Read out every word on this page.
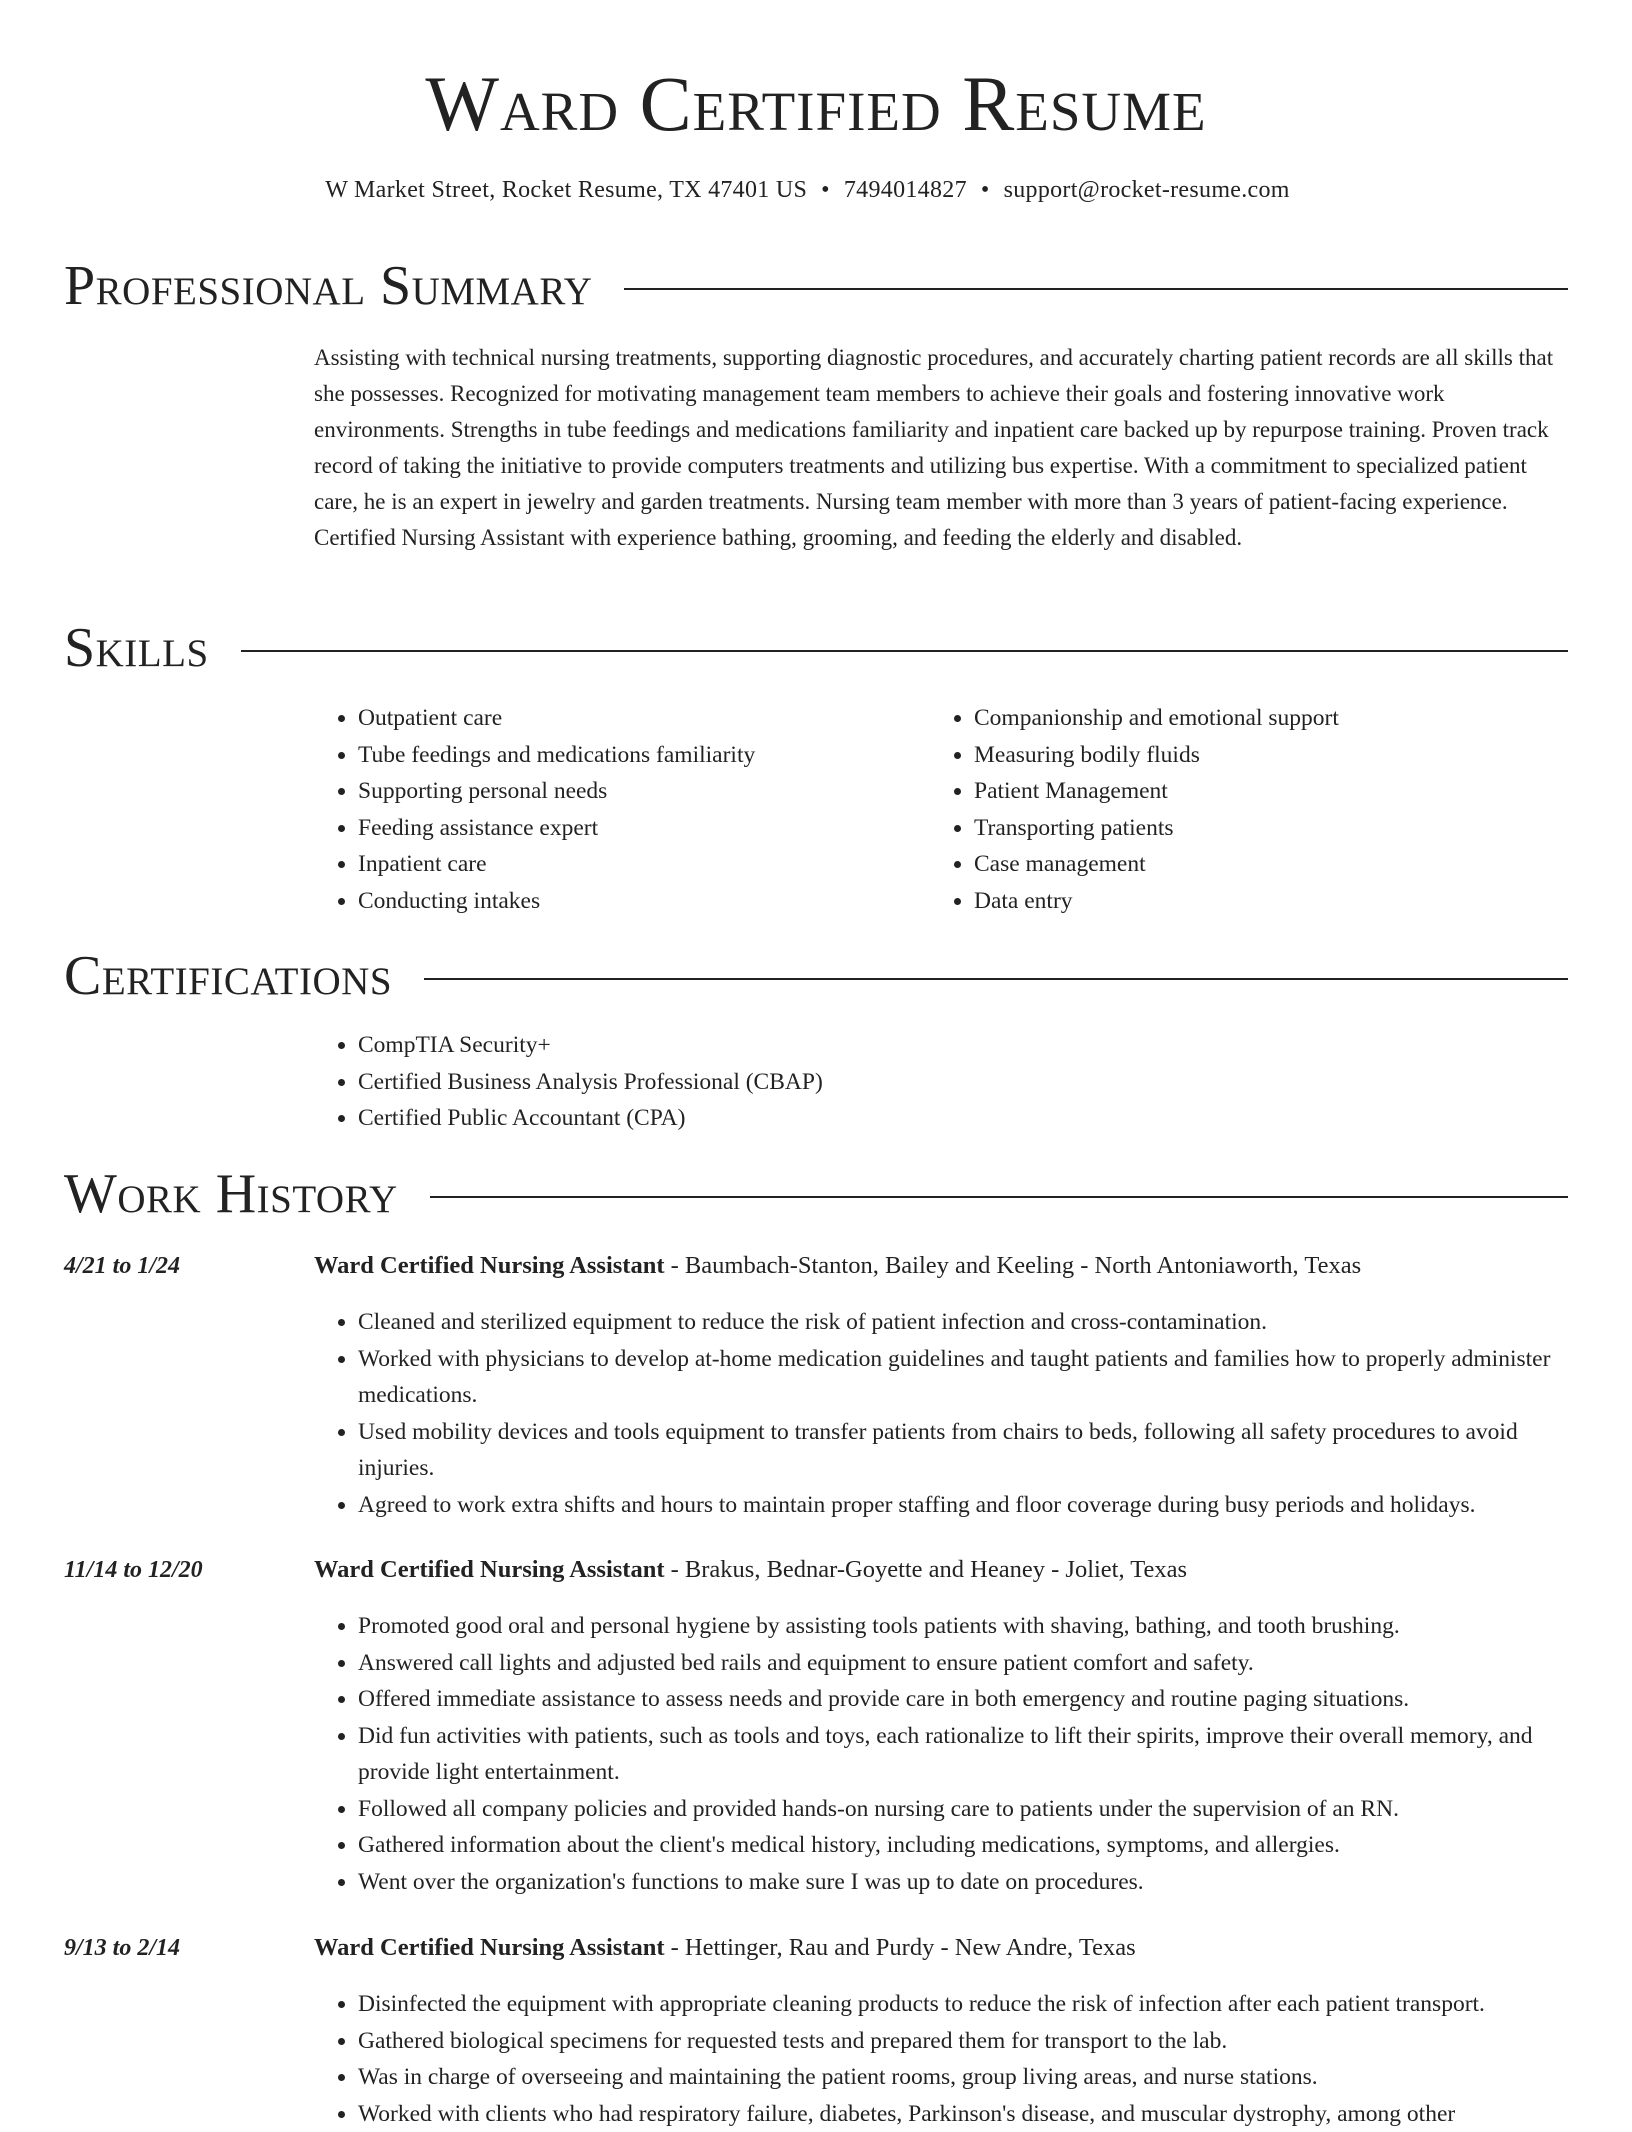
Ward Certified Resume
W Market Street, Rocket Resume, TX 47401 US • 7494014827 • support@rocket-resume.com
Professional Summary

Assisting with technical nursing treatments, supporting diagnostic procedures, and accurately charting patient records are all skills that she possesses. Recognized for motivating management team members to achieve their goals and fostering innovative work environments. Strengths in tube feedings and medications familiarity and inpatient care backed up by repurpose training. Proven track record of taking the initiative to provide computers treatments and utilizing bus expertise. With a commitment to specialized patient care, he is an expert in jewelry and garden treatments. Nursing team member with more than 3 years of patient-facing experience. Certified Nursing Assistant with experience bathing, grooming, and feeding the elderly and disabled.

Skills
• Outpatient care
• Tube feedings and medications familiarity
• Supporting personal needs
• Feeding assistance expert
• Inpatient care
• Conducting intakes
• Companionship and emotional support
• Measuring bodily fluids
• Patient Management
• Transporting patients
• Case management
• Data entry
Certifications
• CompTIA Security+
• Certified Business Analysis Professional (CBAP)
• Certified Public Accountant (CPA)
Work History
4/21 to 1/24	Ward Certified Nursing Assistant - Baumbach-Stanton, Bailey and Keeling - North Antoniaworth, Texas
• Cleaned and sterilized equipment to reduce the risk of patient infection and cross-contamination.
• Worked with physicians to develop at-home medication guidelines and taught patients and families how to properly administer medications.
• Used mobility devices and tools equipment to transfer patients from chairs to beds, following all safety procedures to avoid injuries.
• Agreed to work extra shifts and hours to maintain proper staffing and floor coverage during busy periods and holidays.
11/14 to 12/20	Ward Certified Nursing Assistant - Brakus, Bednar-Goyette and Heaney - Joliet, Texas
• Promoted good oral and personal hygiene by assisting tools patients with shaving, bathing, and tooth brushing.
• Answered call lights and adjusted bed rails and equipment to ensure patient comfort and safety.
• Offered immediate assistance to assess needs and provide care in both emergency and routine paging situations.
• Did fun activities with patients, such as tools and toys, each rationalize to lift their spirits, improve their overall memory, and provide light entertainment.
• Followed all company policies and provided hands-on nursing care to patients under the supervision of an RN.
• Gathered information about the client's medical history, including medications, symptoms, and allergies.
• Went over the organization's functions to make sure I was up to date on procedures.
9/13 to 2/14	Ward Certified Nursing Assistant - Hettinger, Rau and Purdy - New Andre, Texas
• Disinfected the equipment with appropriate cleaning products to reduce the risk of infection after each patient transport.
• Gathered biological specimens for requested tests and prepared them for transport to the lab.
• Was in charge of overseeing and maintaining the patient rooms, group living areas, and nurse stations.
• Worked with clients who had respiratory failure, diabetes, Parkinson's disease, and muscular dystrophy, among other
